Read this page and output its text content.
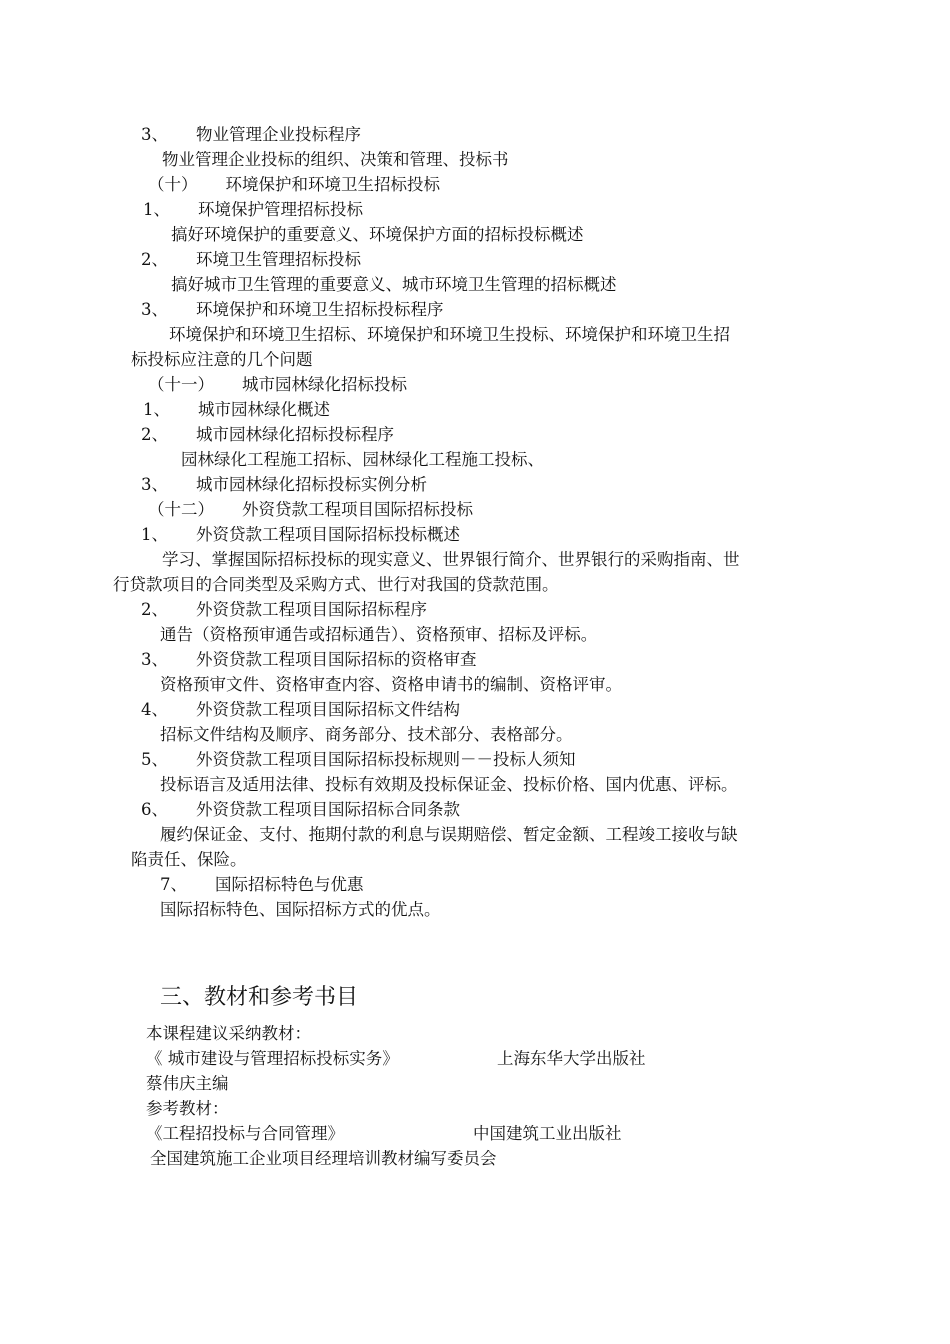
3、 物业管理企业投标程序
物业管理企业投标的组织、决策和管理、投标书
（十） 环境保护和环境卫生招标投标
1、 环境保护管理招标投标
搞好环境保护的重要意义、环境保护方面的招标投标概述
2、 环境卫生管理招标投标
搞好城市卫生管理的重要意义、城市环境卫生管理的招标概述
3、 环境保护和环境卫生招标投标程序
环境保护和环境卫生招标、环境保护和环境卫生投标、环境保护和环境卫生招
标投标应注意的几个问题
（十一） 城市园林绿化招标投标
1、 城市园林绿化概述
2、 城市园林绿化招标投标程序
园林绿化工程施工招标、园林绿化工程施工投标、
3、 城市园林绿化招标投标实例分析
（十二） 外资贷款工程项目国际招标投标
1、 外资贷款工程项目国际招标投标概述
学习、掌握国际招标投标的现实意义、世界银行简介、世界银行的采购指南、世
行贷款项目的合同类型及采购方式、世行对我国的贷款范围。
2、 外资贷款工程项目国际招标程序
通告（资格预审通告或招标通告）、资格预审、招标及评标。
3、 外资贷款工程项目国际招标的资格审查
资格预审文件、资格审查内容、资格申请书的编制、资格评审。
4、 外资贷款工程项目国际招标文件结构
招标文件结构及顺序、商务部分、技术部分、表格部分。
5、 外资贷款工程项目国际招标投标规则－－投标人须知
投标语言及适用法律、投标有效期及投标保证金、投标价格、国内优惠、评标。
6、 外资贷款工程项目国际招标合同条款
履约保证金、支付、拖期付款的利息与误期赔偿、暂定金额、工程竣工接收与缺
陷责任、保险。
7、 国际招标特色与优惠
国际招标特色、国际招标方式的优点。
三、教材和参考书目
本课程建议采纳教材：
《 城市建设与管理招标投标实务》	上海东华大学出版社
蔡伟庆主编
参考教材：
《工程招投标与合同管理》	中国建筑工业出版社
全国建筑施工企业项目经理培训教材编写委员会
